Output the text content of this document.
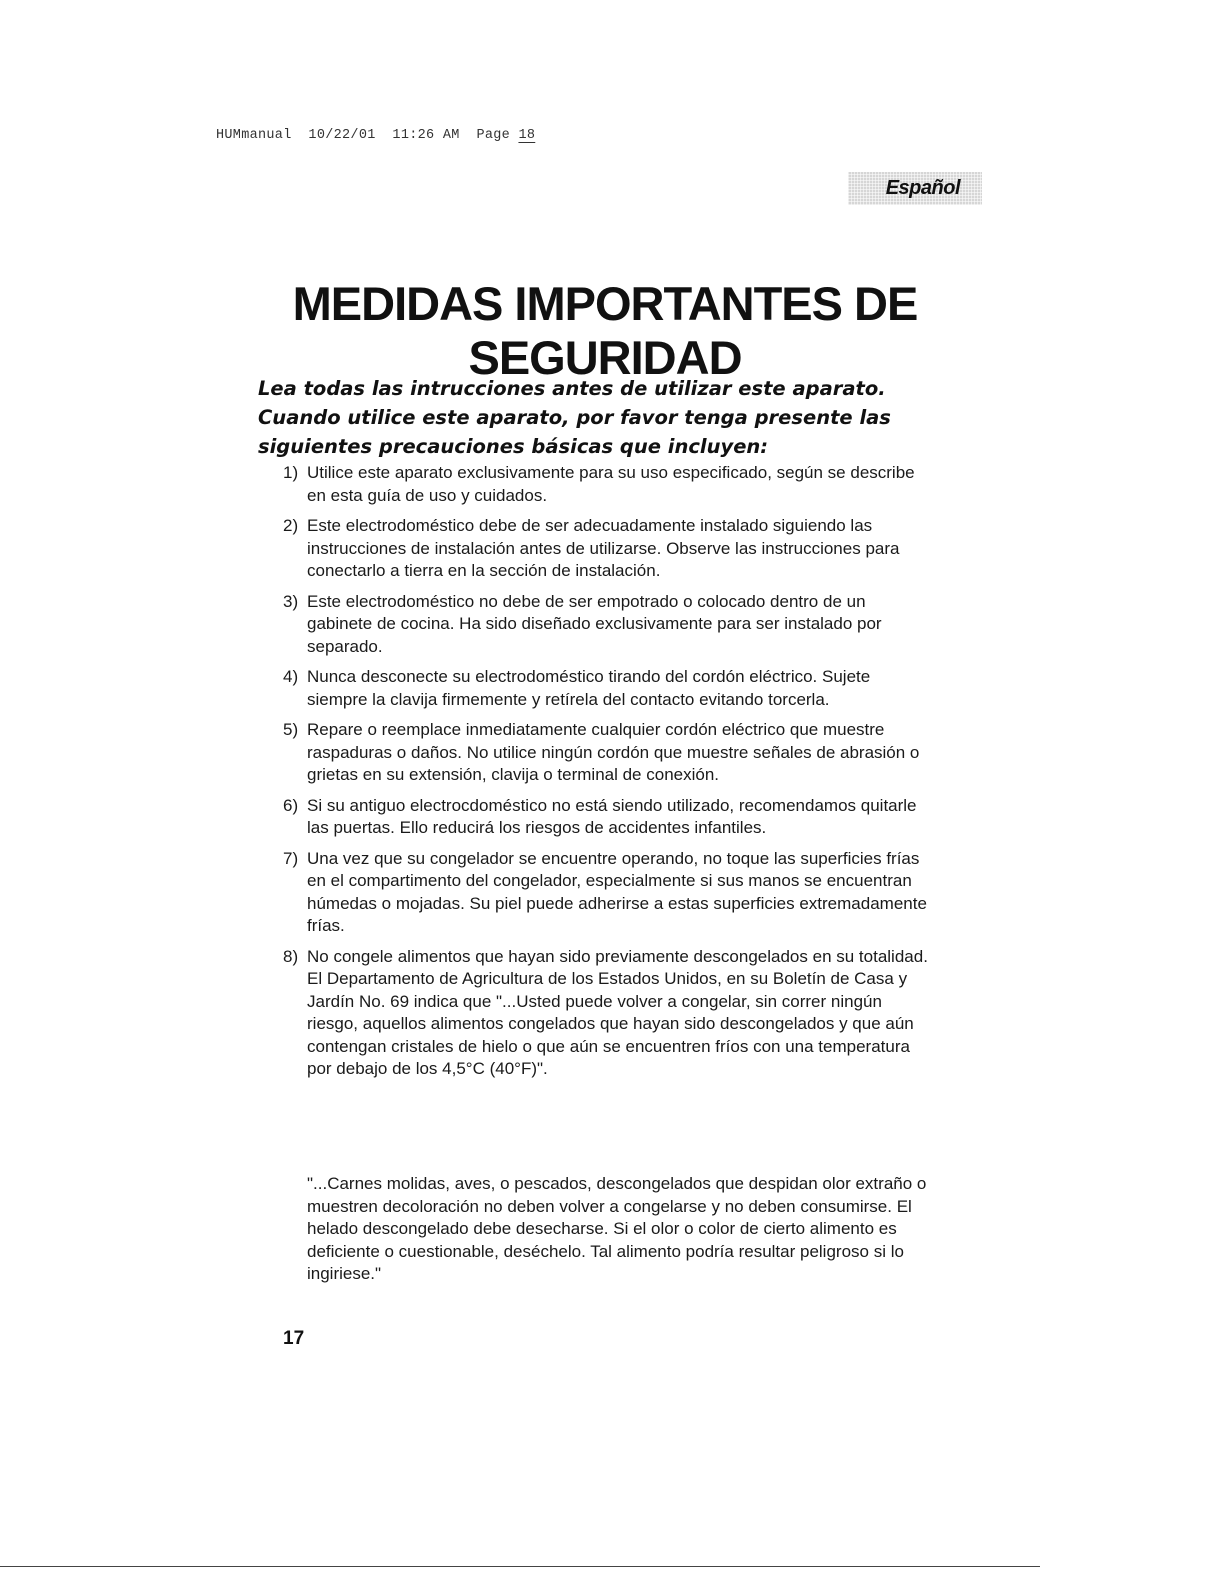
HUMmanual  10/22/01  11:26 AM  Page 18
Español
MEDIDAS IMPORTANTES DE SEGURIDAD

Lea todas las intrucciones antes de utilizar este aparato. Cuando utilice este aparato, por favor tenga presente las siguientes precauciones básicas que incluyen:

1) Utilice este aparato exclusivamente para su uso especificado, según se describe en esta guía de uso y cuidados.
2) Este electrodoméstico debe de ser adecuadamente instalado siguiendo las instrucciones de instalación antes de utilizarse. Observe las instrucciones para conectarlo a tierra en la sección de instalación.
3) Este electrodoméstico no debe de ser empotrado o colocado dentro de un gabinete de cocina. Ha sido diseñado exclusivamente para ser instalado por separado.
4) Nunca desconecte su electrodoméstico tirando del cordón eléctrico. Sujete siempre la clavija firmemente y retírela del contacto evitando torcerla.
5) Repare o reemplace inmediatamente cualquier cordón eléctrico que muestre raspaduras o daños. No utilice ningún cordón que muestre señales de abrasión o grietas en su extensión, clavija o terminal de conexión.
6) Si su antiguo electrocdoméstico no está siendo utilizado, recomendamos quitarle las puertas. Ello reducirá los riesgos de accidentes infantiles.
7) Una vez que su congelador se encuentre operando, no toque las superficies frías en el compartimento del congelador, especialmente si sus manos se encuentran húmedas o mojadas. Su piel puede adherirse a estas superficies extremadamente frías.
8) No congele alimentos que hayan sido previamente descongelados en su totalidad. El Departamento de Agricultura de los Estados Unidos, en su Boletín de Casa y Jardín No. 69 indica que "...Usted puede volver a congelar, sin correr ningún riesgo, aquellos alimentos congelados que hayan sido descongelados y que aún contengan cristales de hielo o que aún se encuentren fríos con una temperatura por debajo de los 4,5°C (40°F)".

"...Carnes molidas, aves, o pescados, descongelados que despidan olor extraño o muestren decoloración no deben volver a congelarse y no deben consumirse. El helado descongelado debe desecharse. Si el olor o color de cierto alimento es deficiente o cuestionable, deséchelo. Tal alimento podría resultar peligroso si lo ingiriese."

17
